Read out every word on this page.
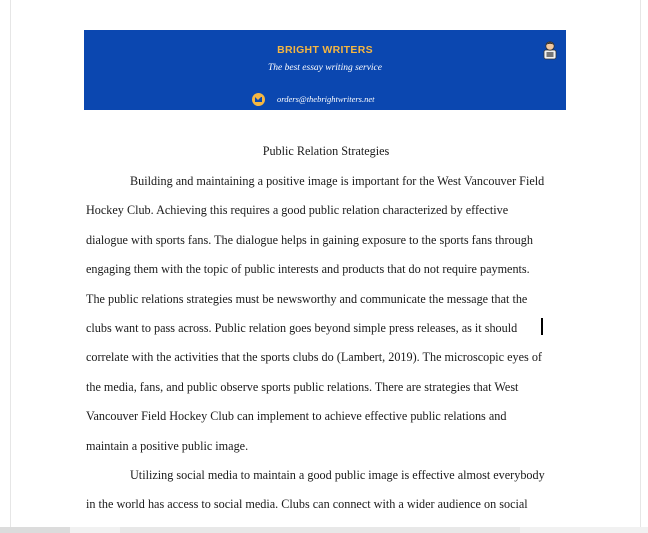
BRIGHT WRITERS
The best essay writing service
orders@thebrightwriters.net
Public Relation Strategies
Building and maintaining a positive image is important for the West Vancouver Field
Hockey Club. Achieving this requires a good public relation characterized by effective
dialogue with sports fans. The dialogue helps in gaining exposure to the sports fans through
engaging them with the topic of public interests and products that do not require payments.
The public relations strategies must be newsworthy and communicate the message that the
clubs want to pass across. Public relation goes beyond simple press releases, as it should
correlate with the activities that the sports clubs do (Lambert, 2019). The microscopic eyes of
the media, fans, and public observe sports public relations. There are strategies that West
Vancouver Field Hockey Club can implement to achieve effective public relations and
maintain a positive public image.
Utilizing social media to maintain a good public image is effective almost everybody
in the world has access to social media. Clubs can connect with a wider audience on social
